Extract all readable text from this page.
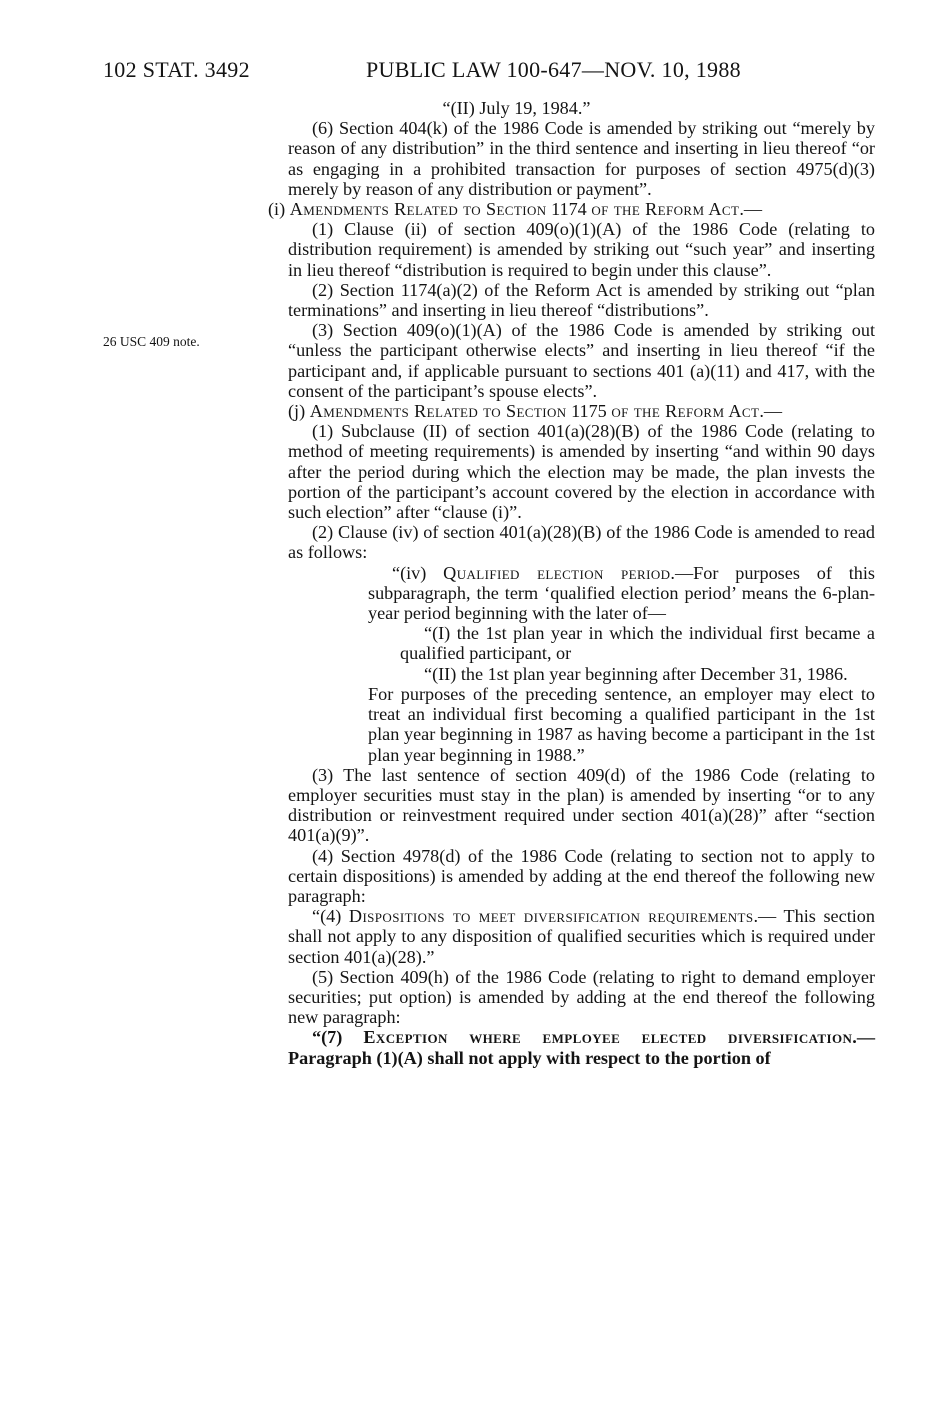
102 STAT. 3492	PUBLIC LAW 100-647—NOV. 10, 1988
26 USC 409 note.

“(II) July 19, 1984.”

(6) Section 404(k) of the 1986 Code is amended by striking out “merely by reason of any distribution” in the third sentence and inserting in lieu thereof “or as engaging in a prohibited transaction for purposes of section 4975(d)(3) merely by reason of any distribution or payment”.

(i) Amendments Related to Section 1174 of the Reform Act.—

(1) Clause (ii) of section 409(o)(1)(A) of the 1986 Code (relating to distribution requirement) is amended by striking out “such year” and inserting in lieu thereof “distribution is required to begin under this clause”.

(2) Section 1174(a)(2) of the Reform Act is amended by striking out “plan terminations” and inserting in lieu thereof “distributions”.

(3) Section 409(o)(1)(A) of the 1986 Code is amended by striking out “unless the participant otherwise elects” and inserting in lieu thereof “if the participant and, if applicable pursuant to sections 401 (a)(11) and 417, with the consent of the participant’s spouse elects”.

(j) Amendments Related to Section 1175 of the Reform Act.—

(1) Subclause (II) of section 401(a)(28)(B) of the 1986 Code (relating to method of meeting requirements) is amended by inserting “and within 90 days after the period during which the election may be made, the plan invests the portion of the participant’s account covered by the election in accordance with such election” after “clause (i)”.

(2) Clause (iv) of section 401(a)(28)(B) of the 1986 Code is amended to read as follows:

“(iv) Qualified election period.—For purposes of this subparagraph, the term ‘qualified election period’ means the 6-plan-year period beginning with the later of—

“(I) the 1st plan year in which the individual first became a qualified participant, or

“(II) the 1st plan year beginning after December 31, 1986.

For purposes of the preceding sentence, an employer may elect to treat an individual first becoming a qualified participant in the 1st plan year beginning in 1987 as having become a participant in the 1st plan year beginning in 1988.”

(3) The last sentence of section 409(d) of the 1986 Code (relating to employer securities must stay in the plan) is amended by inserting “or to any distribution or reinvestment required under section 401(a)(28)” after “section 401(a)(9)”.

(4) Section 4978(d) of the 1986 Code (relating to section not to apply to certain dispositions) is amended by adding at the end thereof the following new paragraph:

“(4) Dispositions to meet diversification requirements.— This section shall not apply to any disposition of qualified securities which is required under section 401(a)(28).”

(5) Section 409(h) of the 1986 Code (relating to right to demand employer securities; put option) is amended by adding at the end thereof the following new paragraph:

“(7) Exception where employee elected diversification.— Paragraph (1)(A) shall not apply with respect to the portion of
